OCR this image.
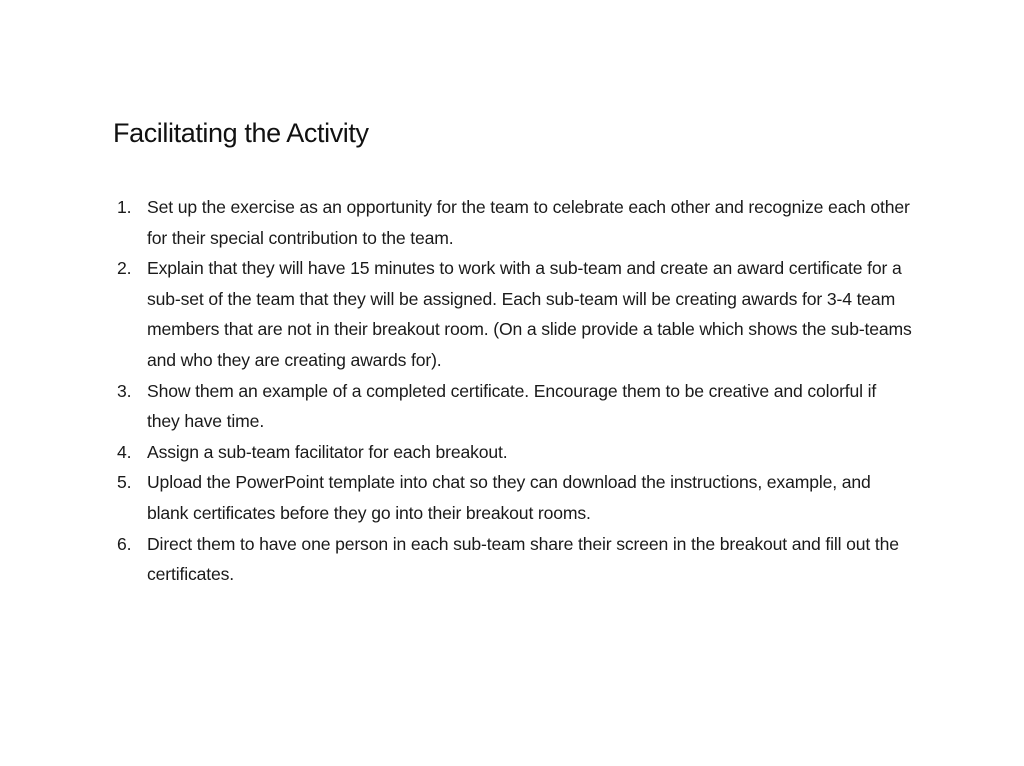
Facilitating the Activity
1. Set up the exercise as an opportunity for the team to celebrate each other and recognize each other for their special contribution to the team.
2. Explain that they will have 15 minutes to work with a sub-team and create an award certificate for a sub-set of the team that they will be assigned. Each sub-team will be creating awards for 3-4 team members that are not in their breakout room. (On a slide provide a table which shows the sub-teams and who they are creating awards for).
3. Show them an example of a completed certificate. Encourage them to be creative and colorful if they have time.
4. Assign a sub-team facilitator for each breakout.
5. Upload the PowerPoint template into chat so they can download the instructions, example, and blank certificates before they go into their breakout rooms.
6. Direct them to have one person in each sub-team share their screen in the breakout and fill out the certificates.
